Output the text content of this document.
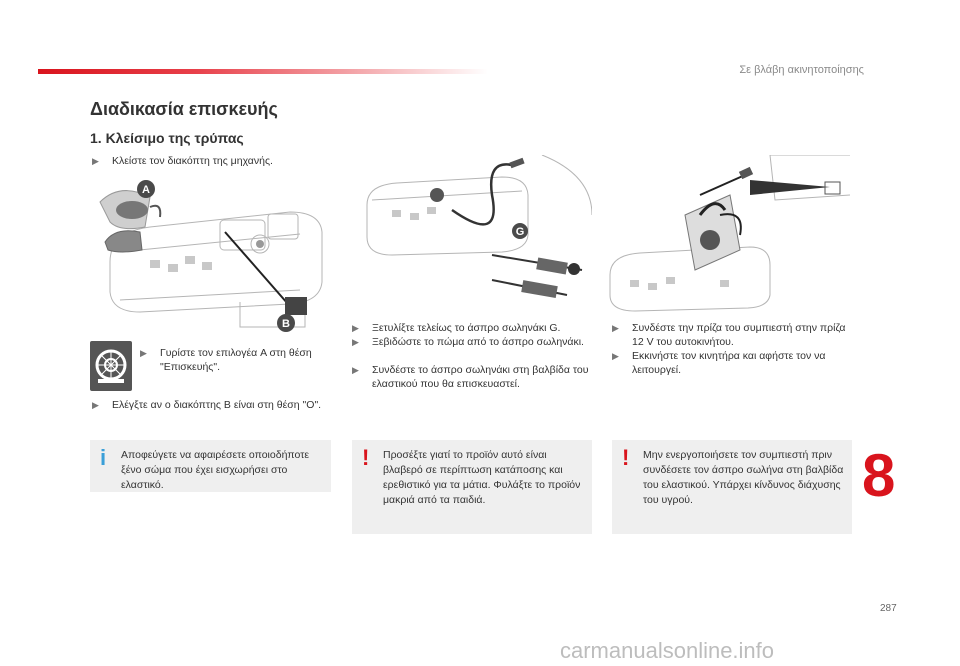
Σε βλάβη ακινητοποίησης
Διαδικασία επισκευής
1. Κλείσιμο της τρύπας
▶	Κλείστε τον διακόπτη της μηχανής.
A
B
▶	Γυρίστε τον επιλογέα A στη θέση "Επισκευής".
▶	Ελέγξτε αν ο διακόπτης B είναι στη θέση "O".
i Αποφεύγετε να αφαιρέσετε οποιοδήποτε ξένο σώμα που έχει εισχωρήσει στο ελαστικό.
G
▶	Ξετυλίξτε τελείως το άσπρο σωληνάκι G.
▶	Ξεβιδώστε το πώμα από το άσπρο σωληνάκι.
▶	Συνδέστε το άσπρο σωληνάκι στη βαλβίδα του ελαστικού που θα επισκευαστεί.
! Προσέξτε γιατί το προϊόν αυτό είναι βλαβερό σε περίπτωση κατάποσης και ερεθιστικό για τα μάτια. Φυλάξτε το προϊόν μακριά από τα παιδιά.
▶	Συνδέστε την πρίζα του συμπιεστή στην πρίζα 12 V του αυτοκινήτου.
▶	Εκκινήστε τον κινητήρα και αφήστε τον να λειτουργεί.
! Μην ενεργοποιήσετε τον συμπιεστή πριν συνδέσετε τον άσπρο σωλήνα στη βαλβίδα του ελαστικού. Υπάρχει κίνδυνος διάχυσης του υγρού.	8
287
carmanualsonline.info
